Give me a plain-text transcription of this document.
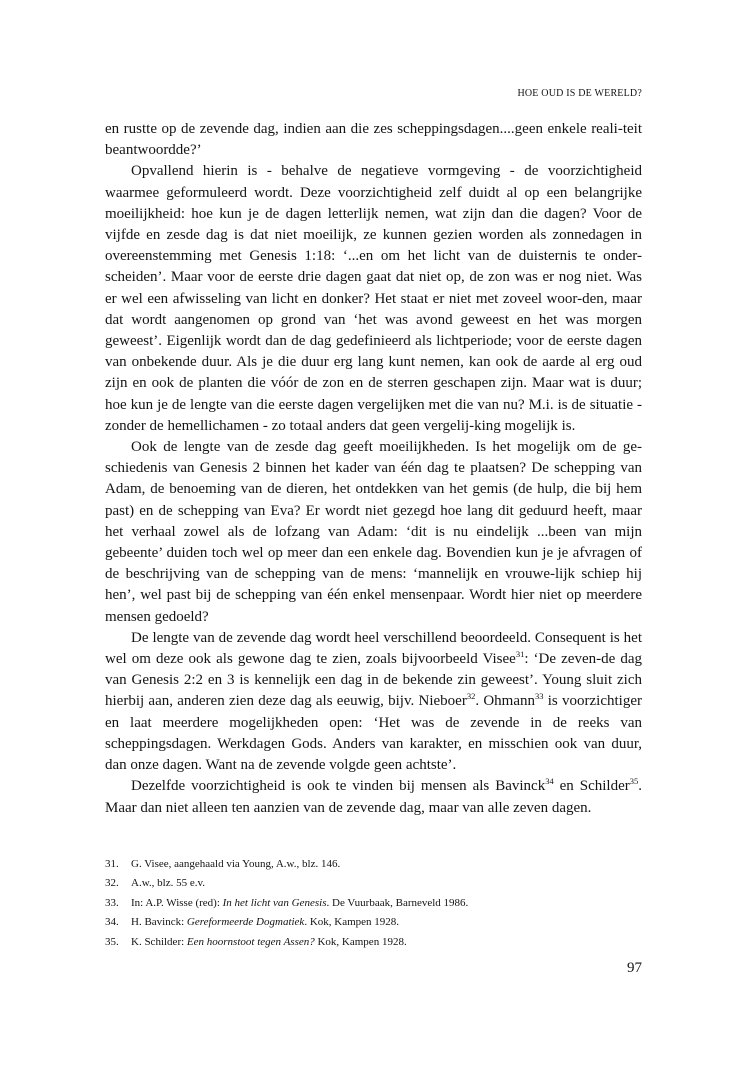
HOE OUD IS DE WERELD?

en rustte op de zevende dag, indien aan die zes scheppingsdagen....geen enkele reali-teit beantwoordde?’

Opvallend hierin is - behalve de negatieve vormgeving - de voorzichtigheid waarmee geformuleerd wordt. Deze voorzichtigheid zelf duidt al op een belangrijke moeilijkheid: hoe kun je de dagen letterlijk nemen, wat zijn dan die dagen? Voor de vijfde en zesde dag is dat niet moeilijk, ze kunnen gezien worden als zonnedagen in overeenstemming met Genesis 1:18: ‘...en om het licht van de duisternis te onder-scheiden’. Maar voor de eerste drie dagen gaat dat niet op, de zon was er nog niet. Was er wel een afwisseling van licht en donker? Het staat er niet met zoveel woor-den, maar dat wordt aangenomen op grond van ‘het was avond geweest en het was morgen geweest’. Eigenlijk wordt dan de dag gedefinieerd als lichtperiode; voor de eerste dagen van onbekende duur. Als je die duur erg lang kunt nemen, kan ook de aarde al erg oud zijn en ook de planten die vóór de zon en de sterren geschapen zijn. Maar wat is duur; hoe kun je de lengte van die eerste dagen vergelijken met die van nu? M.i. is de situatie - zonder de hemellichamen - zo totaal anders dat geen vergelij-king mogelijk is.

Ook de lengte van de zesde dag geeft moeilijkheden. Is het mogelijk om de ge-schiedenis van Genesis 2 binnen het kader van één dag te plaatsen? De schepping van Adam, de benoeming van de dieren, het ontdekken van het gemis (de hulp, die bij hem past) en de schepping van Eva? Er wordt niet gezegd hoe lang dit geduurd heeft, maar het verhaal zowel als de lofzang van Adam: ‘dit is nu eindelijk ...been van mijn gebeente’ duiden toch wel op meer dan een enkele dag. Bovendien kun je je afvragen of de beschrijving van de schepping van de mens: ‘mannelijk en vrouwe-lijk schiep hij hen’, wel past bij de schepping van één enkel mensenpaar. Wordt hier niet op meerdere mensen gedoeld?

De lengte van de zevende dag wordt heel verschillend beoordeeld. Consequent is het wel om deze ook als gewone dag te zien, zoals bijvoorbeeld Visee$^{31}$: ‘De zeven-de dag van Genesis 2:2 en 3 is kennelijk een dag in de bekende zin geweest’. Young sluit zich hierbij aan, anderen zien deze dag als eeuwig, bijv. Nieboer$^{32}$. Ohmann$^{33}$ is voorzichtiger en laat meerdere mogelijkheden open: ‘Het was de zevende in de reeks van scheppingsdagen. Werkdagen Gods. Anders van karakter, en misschien ook van duur, dan onze dagen. Want na de zevende volgde geen achtste’.

Dezelfde voorzichtigheid is ook te vinden bij mensen als Bavinck$^{34}$ en Schilder$^{35}$. Maar dan niet alleen ten aanzien van de zevende dag, maar van alle zeven dagen.

31.	G. Visee, aangehaald via Young, A.w., blz. 146.
32.	A.w., blz. 55 e.v.
33.	In: A.P. Wisse (red): In het licht van Genesis. De Vuurbaak, Barneveld 1986.
34.	H. Bavinck: Gereformeerde Dogmatiek. Kok, Kampen 1928.
35.	K. Schilder: Een hoornstoot tegen Assen? Kok, Kampen 1928.
97
